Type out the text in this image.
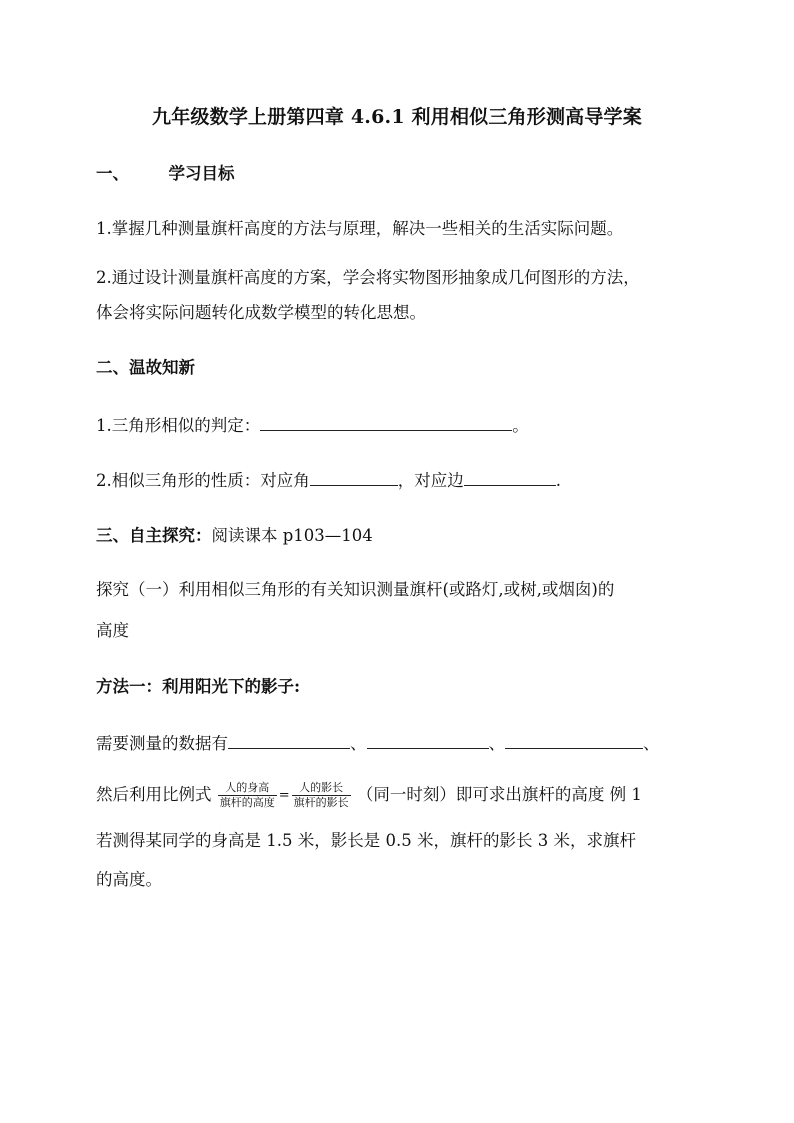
九年级数学上册第四章 4.6.1 利用相似三角形测高导学案
一、 学习目标
1.掌握几种测量旗杆高度的方法与原理，解决一些相关的生活实际问题。
2.通过设计测量旗杆高度的方案，学会将实物图形抽象成几何图形的方法，
体会将实际问题转化成数学模型的转化思想。
二、温故知新
1.三角形相似的判定：	。
2.相似三角形的性质：对应角	，对应边	.
三、自主探究：阅读课本 p103—104
探究（一）利用相似三角形的有关知识测量旗杆(或路灯,或树,或烟囱)的
高度
方法一：利用阳光下的影子:
需要测量的数据有	、	、	、
然后利用比例式 $\frac{\text{人的身高}}{\text{旗杆的高度}} = \frac{\text{人的影长}}{\text{旗杆的影长}}$ （同一时刻）即可求出旗杆的高度 例 1
若测得某同学的身高是 1.5 米，影长是 0.5 米，旗杆的影长 3 米，求旗杆
的高度。
